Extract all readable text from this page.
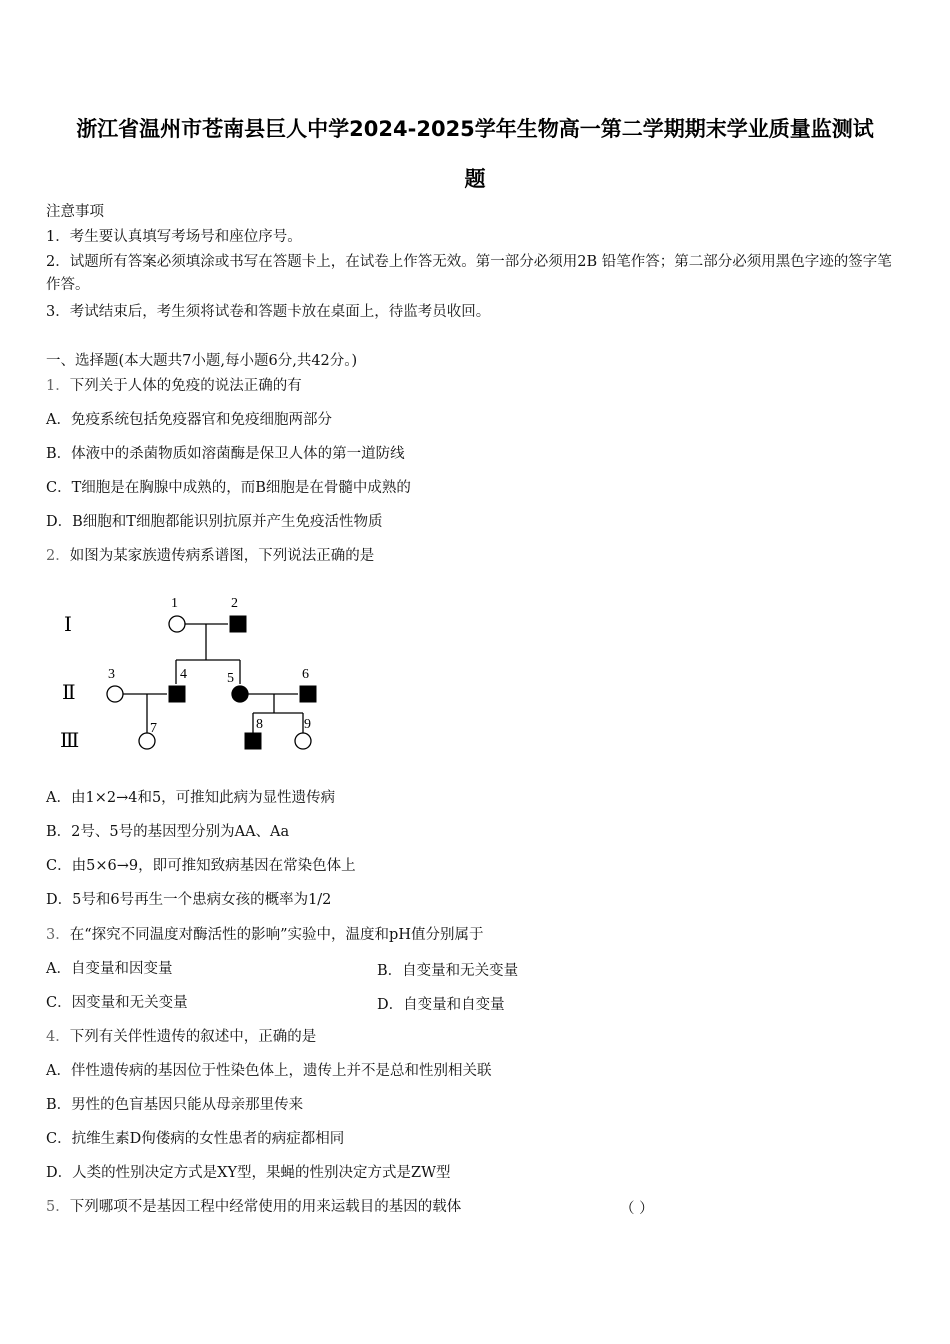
浙江省温州市苍南县巨人中学2024-2025学年生物高一第二学期期末学业质量监测试
题
注意事项
1．考生要认真填写考场号和座位序号。
2．试题所有答案必须填涂或书写在答题卡上，在试卷上作答无效。第一部分必须用2B 铅笔作答；第二部分必须用黑色字迹的签字笔作答。
3．考试结束后，考生须将试卷和答题卡放在桌面上，待监考员收回。
一、选择题(本大题共7小题,每小题6分,共42分。)
1．下列关于人体的免疫的说法正确的有
A．免疫系统包括免疫器官和免疫细胞两部分
B．体液中的杀菌物质如溶菌酶是保卫人体的第一道防线
C．T细胞是在胸腺中成熟的，而B细胞是在骨髓中成熟的
D．B细胞和T细胞都能识别抗原并产生免疫活性物质
2．如图为某家族遗传病系谱图，下列说法正确的是
Ⅰ
Ⅱ
Ⅲ
1	2
3	4	5	6
7	8	9
A．由1×2→4和5，可推知此病为显性遗传病
B．2号、5号的基因型分别为AA、Aa
C．由5×6→9，即可推知致病基因在常染色体上
D．5号和6号再生一个患病女孩的概率为1/2
3．在“探究不同温度对酶活性的影响”实验中，温度和pH值分别属于
A．自变量和因变量	B．自变量和无关变量
C．因变量和无关变量	D．自变量和自变量
4．下列有关伴性遗传的叙述中，正确的是
A．伴性遗传病的基因位于性染色体上，遗传上并不是总和性别相关联
B．男性的色盲基因只能从母亲那里传来
C．抗维生素D佝偻病的女性患者的病症都相同
D．人类的性别决定方式是XY型，果蝇的性别决定方式是ZW型
5．下列哪项不是基因工程中经常使用的用来运载目的基因的载体	（ ）
